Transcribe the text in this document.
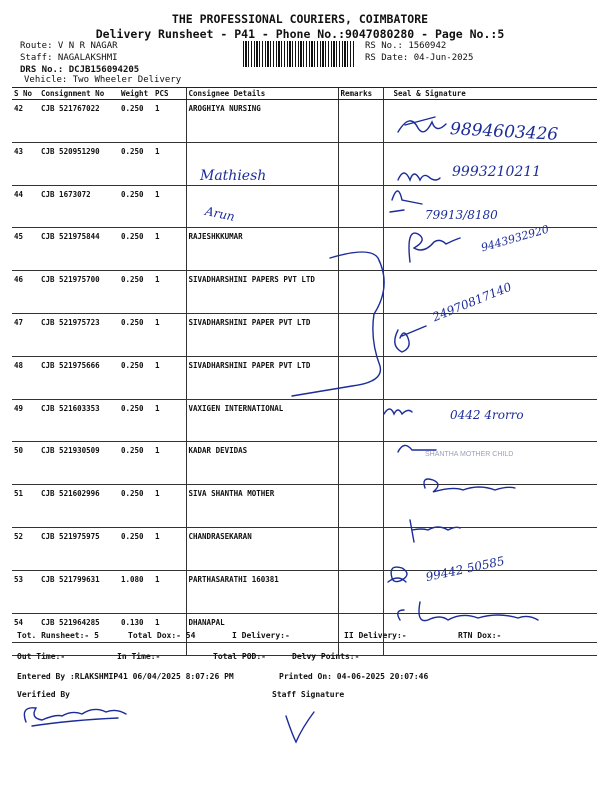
THE PROFESSIONAL COURIERS, COIMBATORE
Delivery Runsheet - P41 - Phone No.:9047080280 - Page No.:5
Route: V N R NAGAR
Staff: NAGALAKSHMI
DRS No.: DCJB156094205
Vehicle: Two Wheeler Delivery
RS No.: 1560942
RS Date: 04-Jun-2025
S No	Consignment No	Weight	PCS	Consignee Details	Remarks	Seal & Signature
42	CJB 521767022	0.250	1	AROGHIYA NURSING		
43	CJB 520951290	0.250	1			
44	CJB 1673072	0.250	1			
45	CJB 521975844	0.250	1	RAJESHKKUMAR		
46	CJB 521975700	0.250	1	SIVADHARSHINI PAPERS PVT LTD		
47	CJB 521975723	0.250	1	SIVADHARSHINI PAPER PVT LTD		
48	CJB 521975666	0.250	1	SIVADHARSHINI PAPER PVT LTD		
49	CJB 521603353	0.250	1	VAXIGEN INTERNATIONAL		
50	CJB 521930509	0.250	1	KADAR DEVIDAS		
51	CJB 521602996	0.250	1	SIVA SHANTHA MOTHER		
52	CJB 521975975	0.250	1	CHANDRASEKARAN		
53	CJB 521799631	1.080	1	PARTHASARATHI 160381		
54	CJB 521964285	0.130	1	DHANAPAL		
SHANTHA MOTHER CHILD
9894603426
Mathiesh	9993210211
Arun	79913/8180
9443932920
24970817140
0442 4rorro
99442 50585
Tot. Runsheet:- 5	Total Dox:- 54	I Delivery:-	II Delivery:-	RTN Dox:-
Out Time:-	In Time:-	Total POD:-	Delvy Points:-
Entered By :RLAKSHMIP41 06/04/2025 8:07:26 PM	Printed On: 04-06-2025 20:07:46
Verified By	Staff Signature
